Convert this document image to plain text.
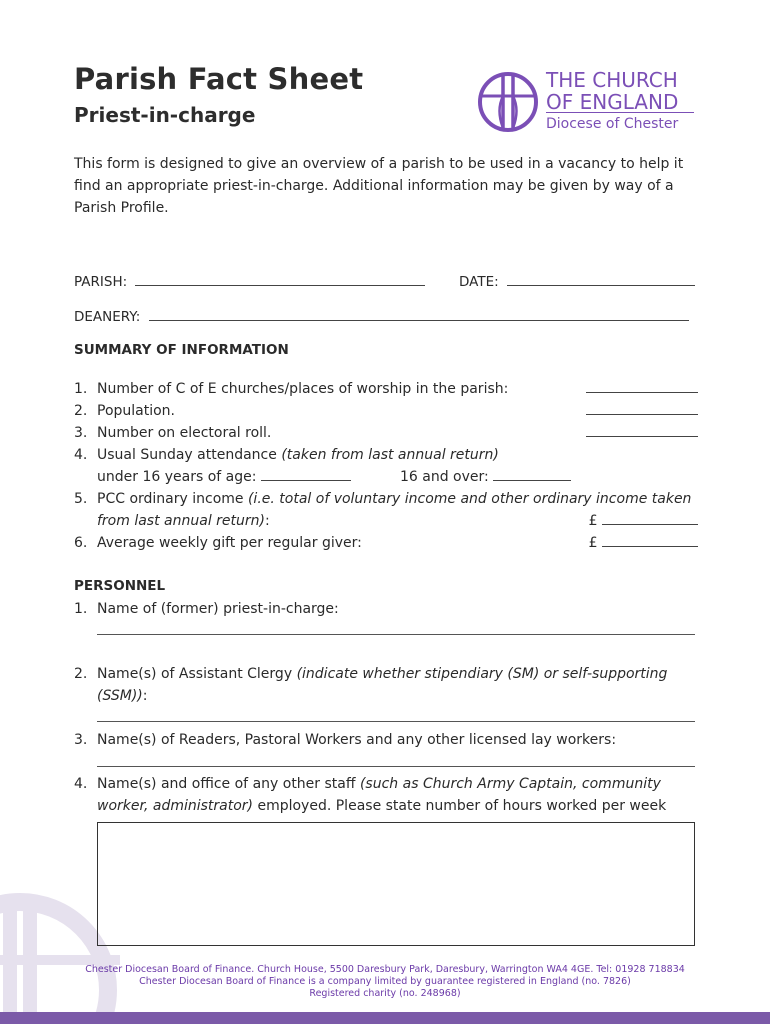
Parish Fact Sheet
Priest-in-charge
THE CHURCH
OF ENGLAND
Diocese of Chester
This form is designed to give an overview of a parish to be used in a vacancy to help it find an appropriate priest-in-charge. Additional information may be given by way of a Parish Profile.
PARISH:	DATE:
DEANERY:
SUMMARY OF INFORMATION
1. Number of C of E churches/places of worship in the parish:
2. Population.
3. Number on electoral roll.
4. Usual Sunday attendance (taken from last annual return)
under 16 years of age:	16 and over:
5. PCC ordinary income (i.e. total of voluntary income and other ordinary income taken
from last annual return):	£
6. Average weekly gift per regular giver:	£
PERSONNEL
1. Name of (former) priest-in-charge:
2. Name(s) of Assistant Clergy (indicate whether stipendiary (SM) or self-supporting
(SSM)):
3. Name(s) of Readers, Pastoral Workers and any other licensed lay workers:
4. Name(s) and office of any other staff (such as Church Army Captain, community
worker, administrator) employed. Please state number of hours worked per week
Chester Diocesan Board of Finance. Church House, 5500 Daresbury Park, Daresbury, Warrington WA4 4GE. Tel: 01928 718834
Chester Diocesan Board of Finance is a company limited by guarantee registered in England (no. 7826)
Registered charity (no. 248968)
